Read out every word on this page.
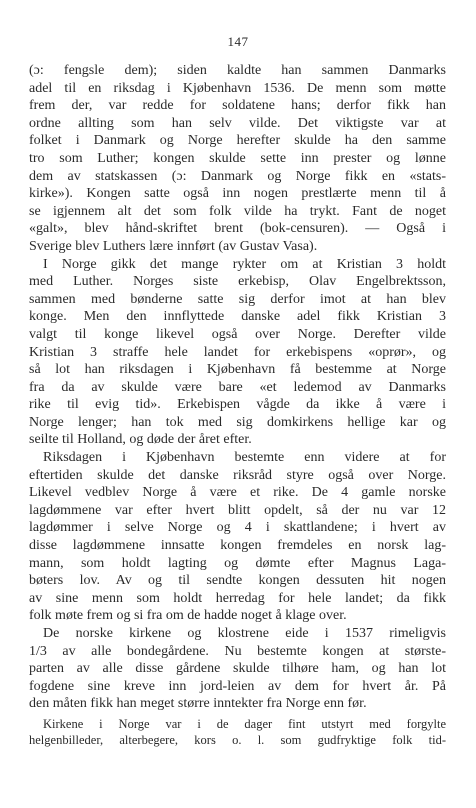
147
(ɔ: fengsle dem); siden kaldte han sammen Danmarks
adel til en riksdag i Kjøbenhavn 1536. De menn som møtte
frem der, var redde for soldatene hans; derfor fikk han
ordne allting som han selv vilde. Det viktigste var at
folket i Danmark og Norge herefter skulde ha den samme
tro som Luther; kongen skulde sette inn prester og lønne
dem av statskassen (ɔ: Danmark og Norge fikk en «stats-
kirke»). Kongen satte også inn nogen prestlærte menn til å
se igjennem alt det som folk vilde ha trykt. Fant de noget
«galt», blev hånd-skriftet brent (bok-censuren). — Også i
Sverige blev Luthers lære innført (av Gustav Vasa).
I Norge gikk det mange rykter om at Kristian 3 holdt
med Luther. Norges siste erkebisp, Olav Engelbrektsson,
sammen med bønderne satte sig derfor imot at han blev
konge. Men den innflyttede danske adel fikk Kristian 3
valgt til konge likevel også over Norge. Derefter vilde
Kristian 3 straffe hele landet for erkebispens «oprør», og
så lot han riksdagen i Kjøbenhavn få bestemme at Norge
fra da av skulde være bare «et ledemod av Danmarks
rike til evig tid». Erkebispen vågde da ikke å være i
Norge lenger; han tok med sig domkirkens hellige kar og
seilte til Holland, og døde der året efter.
Riksdagen i Kjøbenhavn bestemte enn videre at for
eftertiden skulde det danske riksråd styre også over Norge.
Likevel vedblev Norge å være et rike. De 4 gamle norske
lagdømmene var efter hvert blitt opdelt, så der nu var 12
lagdømmer i selve Norge og 4 i skattlandene; i hvert av
disse lagdømmene innsatte kongen fremdeles en norsk lag-
mann, som holdt lagting og dømte efter Magnus Laga-
bøters lov. Av og til sendte kongen dessuten hit nogen
av sine menn som holdt herredag for hele landet; da fikk
folk møte frem og si fra om de hadde noget å klage over.
De norske kirkene og klostrene eide i 1537 rimeligvis
1/3 av alle bondegårdene. Nu bestemte kongen at største-
parten av alle disse gårdene skulde tilhøre ham, og han lot
fogdene sine kreve inn jord-leien av dem for hvert år. På
den måten fikk han meget større inntekter fra Norge enn før.
Kirkene i Norge var i de dager fint utstyrt med forgylte
helgenbilleder, alterbegere, kors o. l. som gudfryktige folk tid-
